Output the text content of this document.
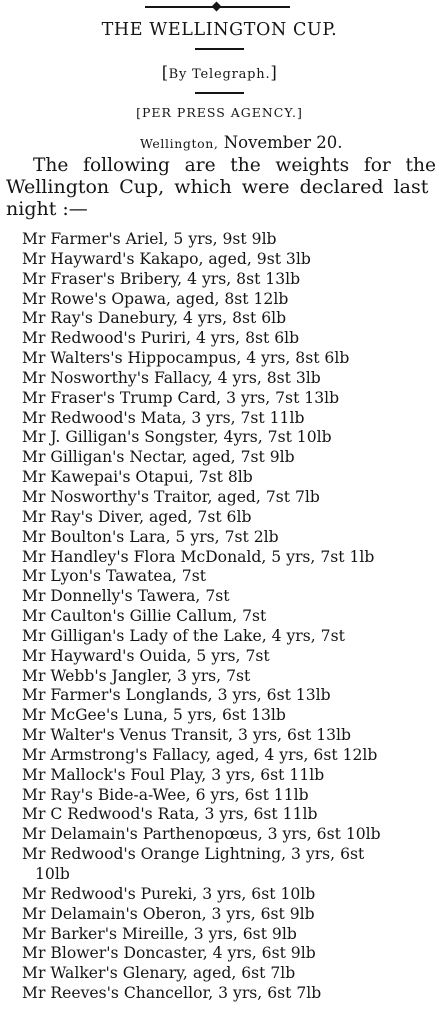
THE WELLINGTON CUP.
[By Telegraph.]
[PER PRESS AGENCY.]
Wellington, November 20.
The following are the weights for the
Wellington Cup, which were declared last
night :—
Mr Farmer's Ariel, 5 yrs, 9st 9lb
Mr Hayward's Kakapo, aged, 9st 3lb
Mr Fraser's Bribery, 4 yrs, 8st 13lb
Mr Rowe's Opawa, aged, 8st 12lb
Mr Ray's Danebury, 4 yrs, 8st 6lb
Mr Redwood's Puriri, 4 yrs, 8st 6lb
Mr Walters's Hippocampus, 4 yrs, 8st 6lb
Mr Nosworthy's Fallacy, 4 yrs, 8st 3lb
Mr Fraser's Trump Card, 3 yrs, 7st 13lb
Mr Redwood's Mata, 3 yrs, 7st 11lb
Mr J. Gilligan's Songster, 4yrs, 7st 10lb
Mr Gilligan's Nectar, aged, 7st 9lb
Mr Kawepai's Otapui, 7st 8lb
Mr Nosworthy's Traitor, aged, 7st 7lb
Mr Ray's Diver, aged, 7st 6lb
Mr Boulton's Lara, 5 yrs, 7st 2lb
Mr Handley's Flora McDonald, 5 yrs, 7st 1lb
Mr Lyon's Tawatea, 7st
Mr Donnelly's Tawera, 7st
Mr Caulton's Gillie Callum, 7st
Mr Gilligan's Lady of the Lake, 4 yrs, 7st
Mr Hayward's Ouida, 5 yrs, 7st
Mr Webb's Jangler, 3 yrs, 7st
Mr Farmer's Longlands, 3 yrs, 6st 13lb
Mr McGee's Luna, 5 yrs, 6st 13lb
Mr Walter's Venus Transit, 3 yrs, 6st 13lb
Mr Armstrong's Fallacy, aged, 4 yrs, 6st 12lb
Mr Mallock's Foul Play, 3 yrs, 6st 11lb
Mr Ray's Bide-a-Wee, 6 yrs, 6st 11lb
Mr C Redwood's Rata, 3 yrs, 6st 11lb
Mr Delamain's Parthenopœus, 3 yrs, 6st 10lb
Mr Redwood's Orange Lightning, 3 yrs, 6st
10lb
Mr Redwood's Pureki, 3 yrs, 6st 10lb
Mr Delamain's Oberon, 3 yrs, 6st 9lb
Mr Barker's Mireille, 3 yrs, 6st 9lb
Mr Blower's Doncaster, 4 yrs, 6st 9lb
Mr Walker's Glenary, aged, 6st 7lb
Mr Reeves's Chancellor, 3 yrs, 6st 7lb
